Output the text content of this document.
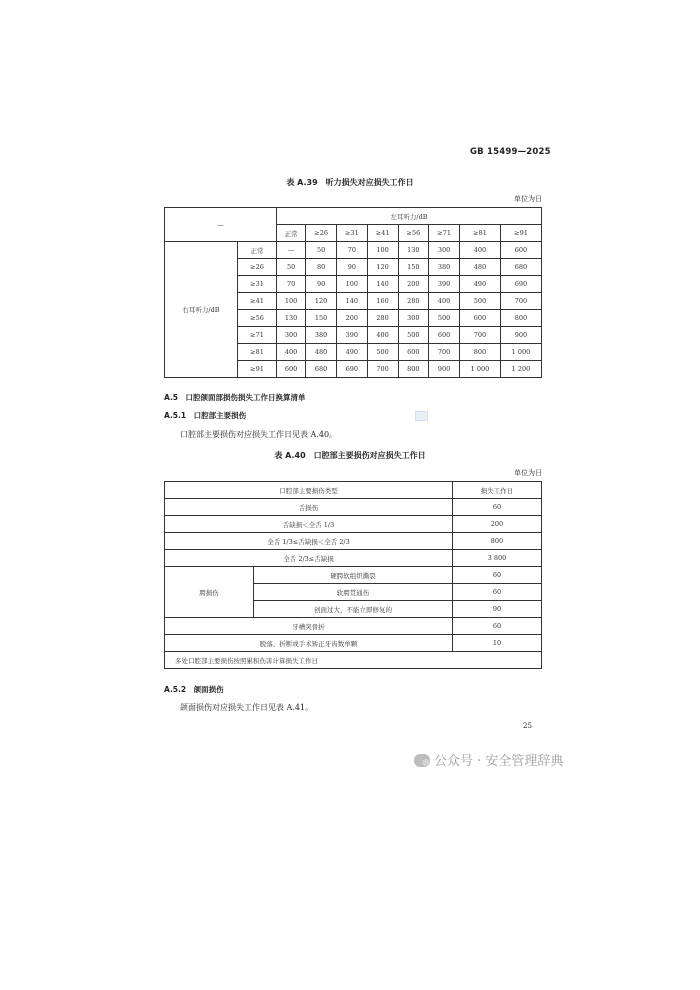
GB 15499—2025
表 A.39　听力损失对应损失工作日
单位为日
—		左耳听力/dB							
		正常	≥26	≥31	≥41	≥56	≥71	≥81	≥91
右耳听力/dB	正常	—	50	70	100	130	300	400	600
	≥26	50	80	90	120	150	380	480	680
	≥31	70	90	100	140	200	390	490	690
	≥41	100	120	140	160	280	400	500	700
	≥56	130	150	200	280	300	500	600	800
	≥71	300	380	390	400	500	600	700	900
	≥81	400	480	490	500	600	700	800	1 000
	≥91	600	680	690	700	800	900	1 000	1 200
A.5　口腔颌面部损伤损失工作日换算清单
A.5.1　口腔部主要损伤
口腔部主要损伤对应损失工作日见表 A.40。
表 A.40　口腔部主要损伤对应损失工作日
单位为日
口腔部主要损伤类型		损失工作日
舌损伤		60
舌缺损＜全舌 1/3		200
全舌 1/3≤舌缺损＜全舌 2/3		800
全舌 2/3≤舌缺损		3 800
腭损伤	硬腭软组织撕裂	60
	软腭贯通伤	60
	创面过大，不能立即修复的	90
牙槽突骨折		60
脱落、折断或手术矫正牙齿数单颗		10
多处口腔部主要损伤按照累积伤害计算损失工作日		
A.5.2　颌面损伤
颌面损伤对应损失工作日见表 A.41。
25
公众号 · 安全管理辞典
